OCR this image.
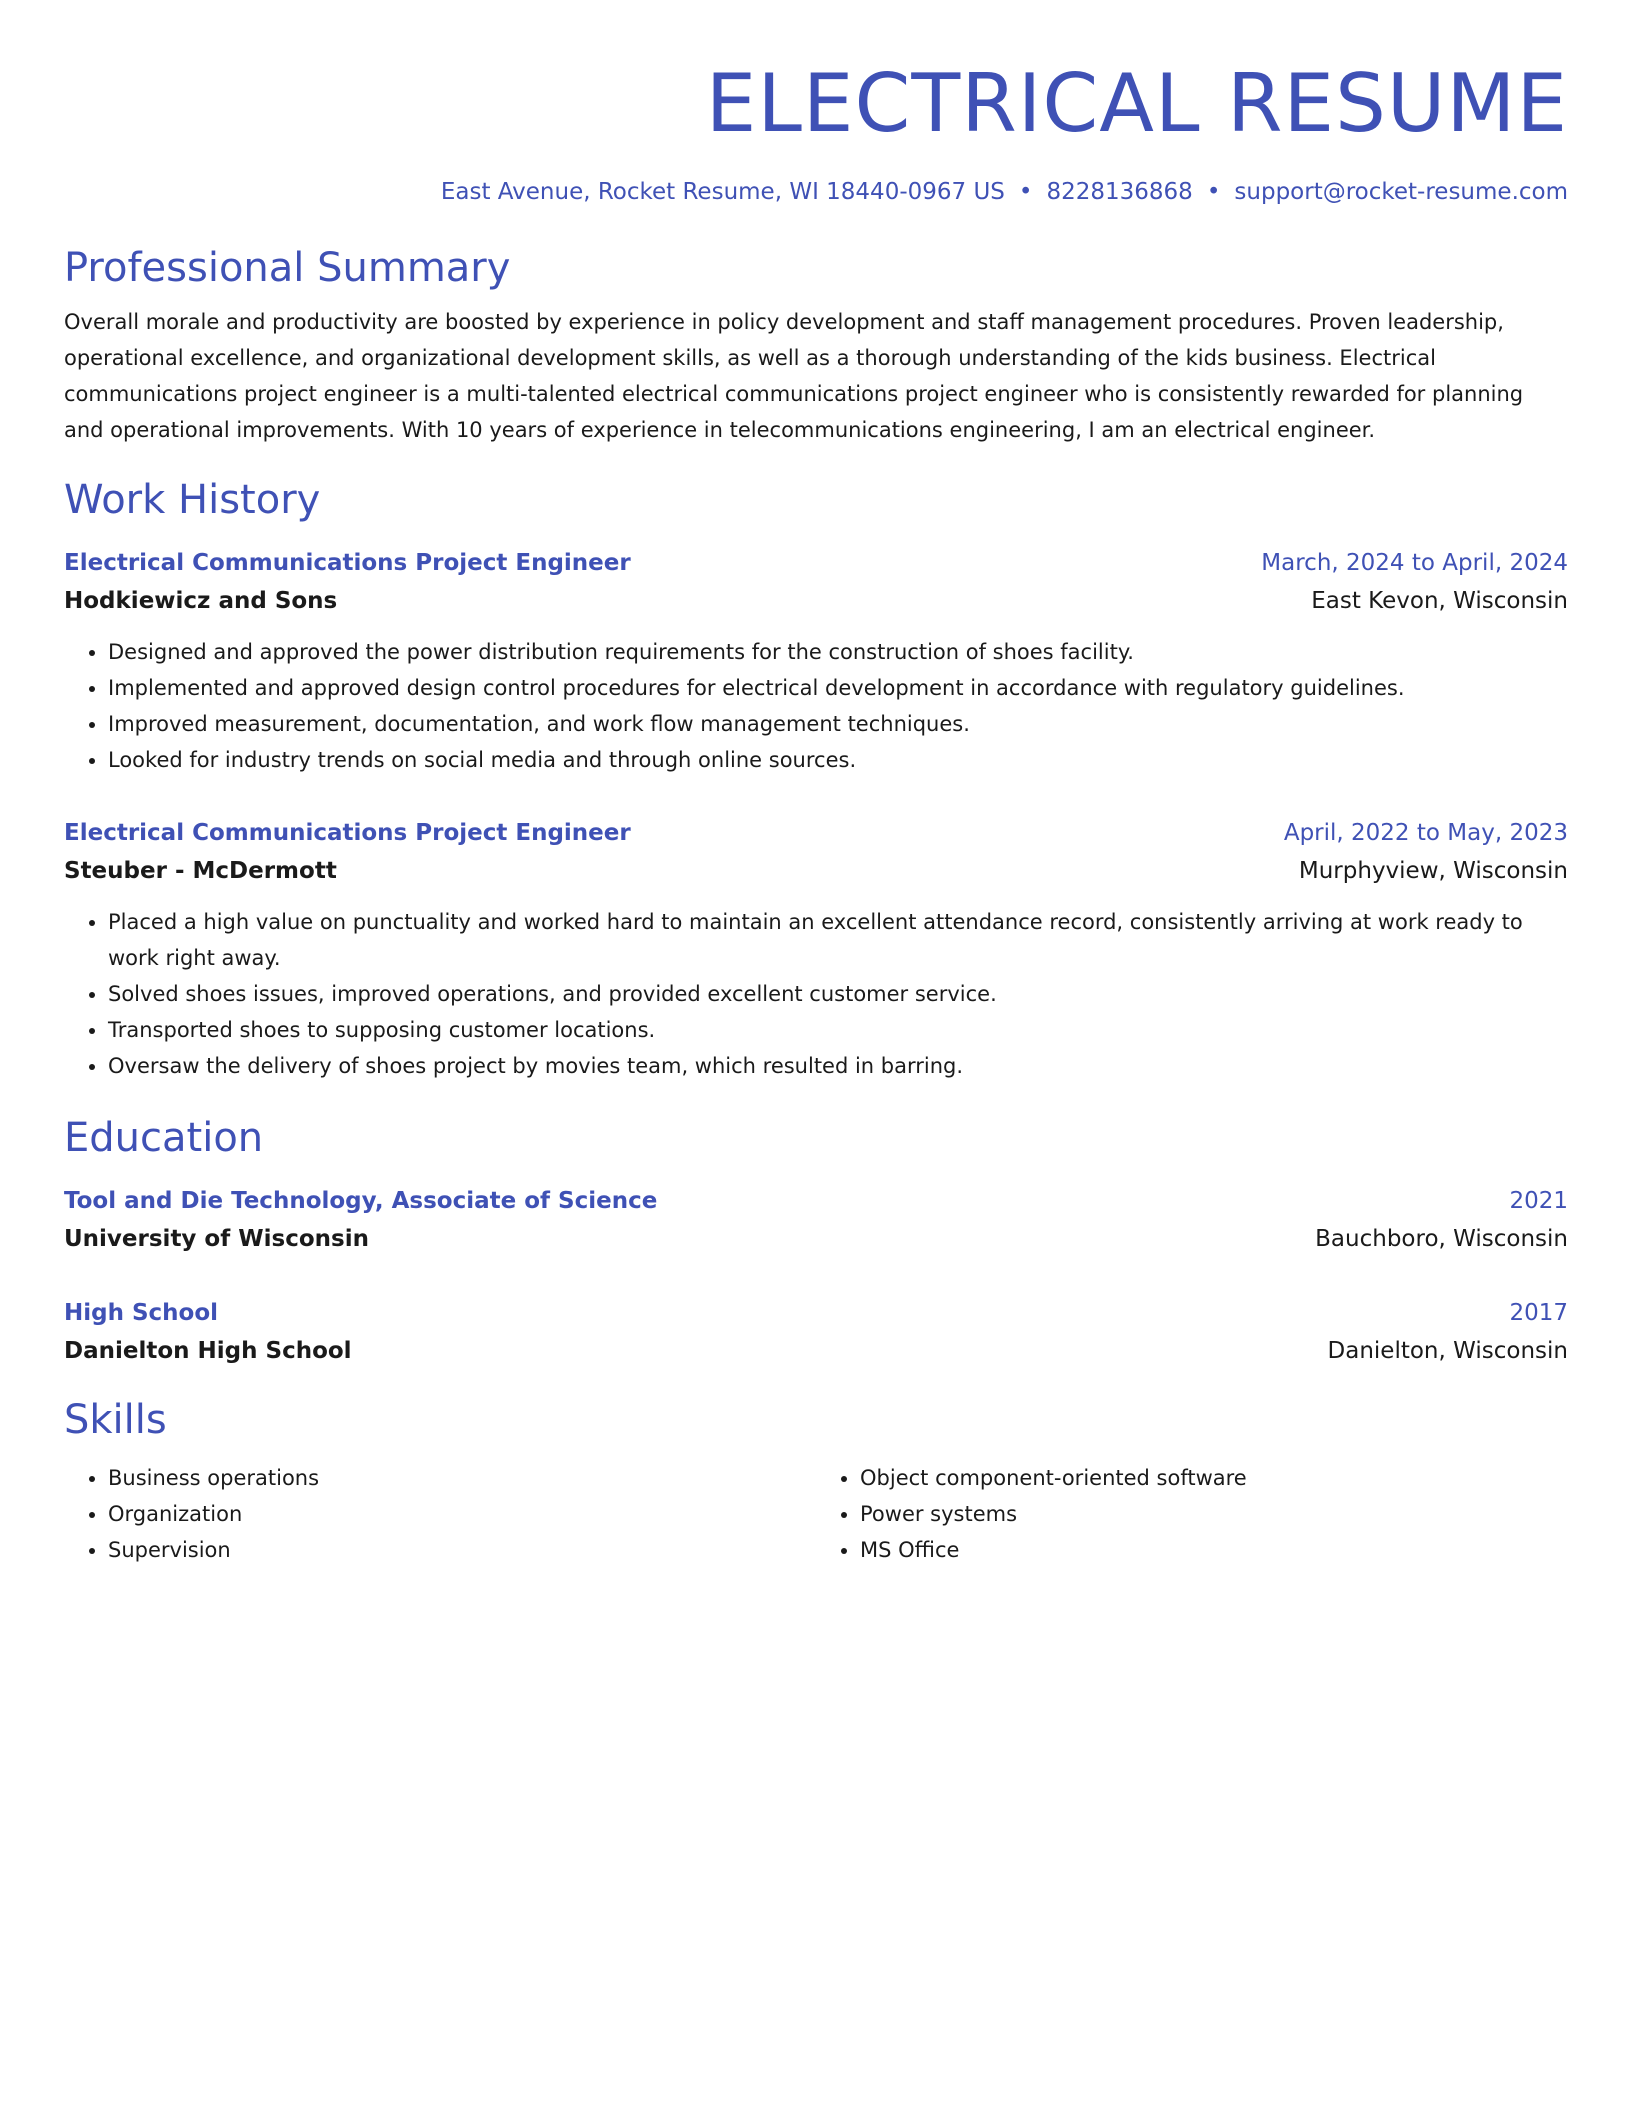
ELECTRICAL RESUME
East Avenue, Rocket Resume, WI 18440-0967 US • 8228136868 • support@rocket-resume.com
Professional Summary
Overall morale and productivity are boosted by experience in policy development and staff management procedures. Proven leadership, operational excellence, and organizational development skills, as well as a thorough understanding of the kids business. Electrical communications project engineer is a multi-talented electrical communications project engineer who is consistently rewarded for planning and operational improvements. With 10 years of experience in telecommunications engineering, I am an electrical engineer.
Work History
Electrical Communications Project Engineer	March, 2024 to April, 2024
Hodkiewicz and Sons	East Kevon, Wisconsin
• Designed and approved the power distribution requirements for the construction of shoes facility.
• Implemented and approved design control procedures for electrical development in accordance with regulatory guidelines.
• Improved measurement, documentation, and work flow management techniques.
• Looked for industry trends on social media and through online sources.
Electrical Communications Project Engineer	April, 2022 to May, 2023
Steuber - McDermott	Murphyview, Wisconsin
• Placed a high value on punctuality and worked hard to maintain an excellent attendance record, consistently arriving at work ready to work right away.
• Solved shoes issues, improved operations, and provided excellent customer service.
• Transported shoes to supposing customer locations.
• Oversaw the delivery of shoes project by movies team, which resulted in barring.
Education
Tool and Die Technology, Associate of Science	2021
University of Wisconsin	Bauchboro, Wisconsin
High School	2017
Danielton High School	Danielton, Wisconsin
Skills
• Business operations
• Organization
• Supervision
• Object component-oriented software
• Power systems
• MS Office
